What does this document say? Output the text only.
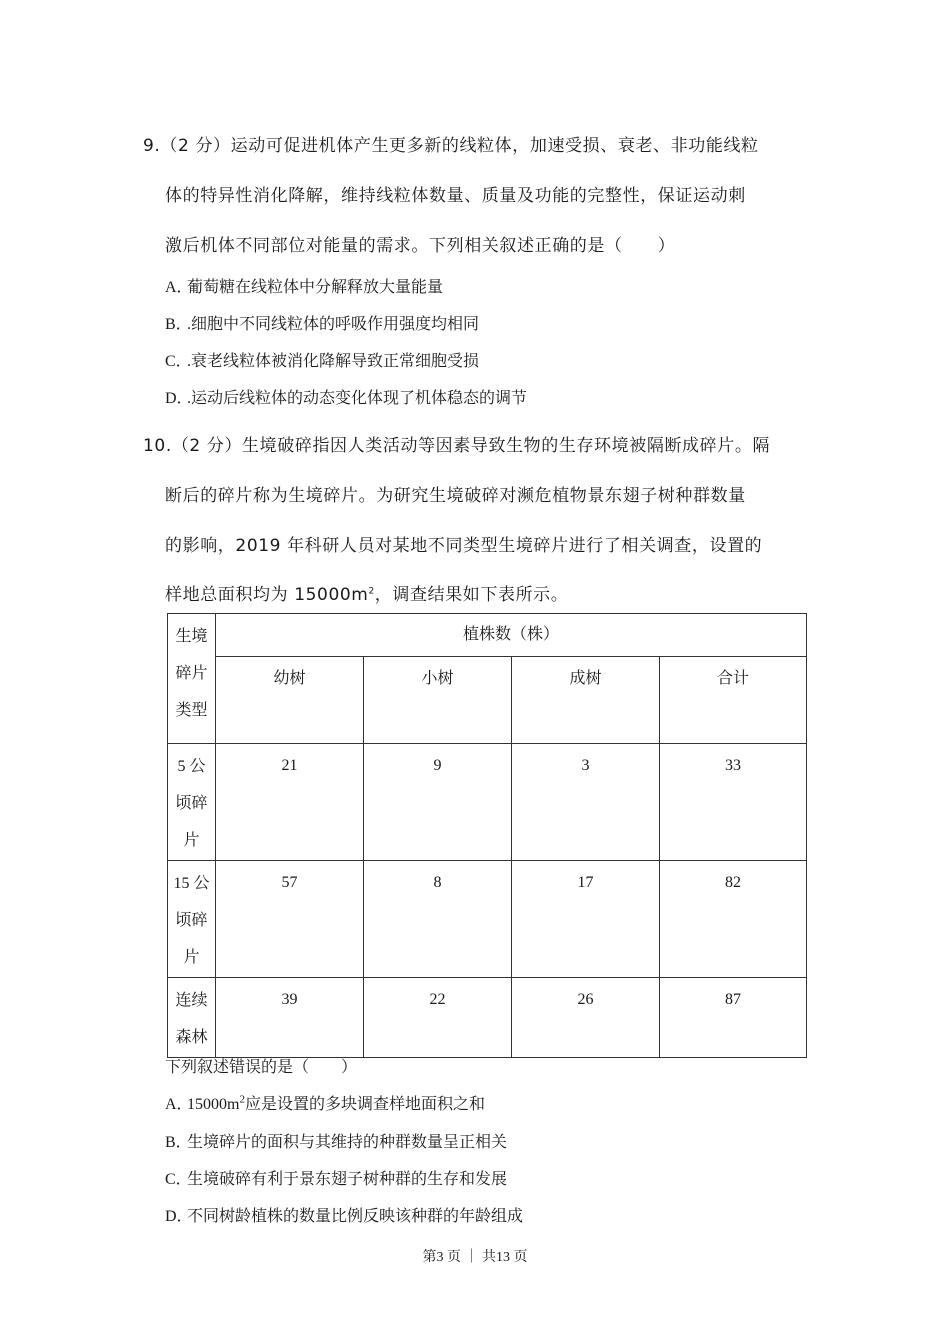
9.（2 分）运动可促进机体产生更多新的线粒体，加速受损、衰老、非功能线粒
体的特异性消化降解，维持线粒体数量、质量及功能的完整性，保证运动刺
激后机体不同部位对能量的需求。下列相关叙述正确的是（　　）
A．葡萄糖在线粒体中分解释放大量能量
B．.细胞中不同线粒体的呼吸作用强度均相同
C．.衰老线粒体被消化降解导致正常细胞受损
D．.运动后线粒体的动态变化体现了机体稳态的调节
10.（2 分）生境破碎指因人类活动等因素导致生物的生存环境被隔断成碎片。隔
断后的碎片称为生境碎片。为研究生境破碎对濒危植物景东翅子树种群数量
的影响，2019 年科研人员对某地不同类型生境碎片进行了相关调查，设置的
样地总面积均为 $15000m^2$，调查结果如下表所示。
生境
碎片
类型	植株数（株）			
	幼树	小树	成树	合计

5 公
顷碎
片	21	9	3	33

15 公
顷碎
片	57	8	17	82

连续
森林	39	22	26	87
下列叙述错误的是（　　）
A．$15000m^2$应是设置的多块调查样地面积之和
B．生境碎片的面积与其维持的种群数量呈正相关
C．生境破碎有利于景东翅子树种群的生存和发展
D．不同树龄植株的数量比例反映该种群的年龄组成
第3 页 ｜ 共13 页
